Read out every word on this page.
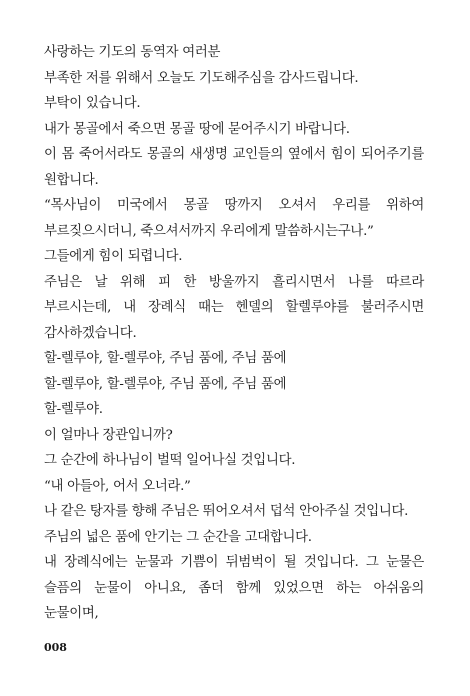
사랑하는 기도의 동역자 여러분

부족한 저를 위해서 오늘도 기도해주심을 감사드립니다.

부탁이 있습니다.

내가 몽골에서 죽으면 몽골 땅에 묻어주시기 바랍니다.

이 몸 죽어서라도 몽골의 새생명 교인들의 옆에서 힘이 되어주기를 원합니다.

“목사님이 미국에서 몽골 땅까지 오셔서 우리를 위하여 부르짖으시더니, 죽으셔서까지 우리에게 말씀하시는구나.”

그들에게 힘이 되렵니다.

주님은 날 위해 피 한 방울까지 흘리시면서 나를 따르라 부르시는데, 내 장례식 때는 헨델의 할렐루야를 불러주시면 감사하겠습니다.

할-렐루야, 할-렐루야, 주님 품에, 주님 품에

할-렐루야, 할-렐루야, 주님 품에, 주님 품에

할-렐루야.

이 얼마나 장관입니까?

그 순간에 하나님이 벌떡 일어나실 것입니다.

“내 아들아, 어서 오너라.”

나 같은 탕자를 향해 주님은 뛰어오셔서 덥석 안아주실 것입니다.

주님의 넓은 품에 안기는 그 순간을 고대합니다.

내 장례식에는 눈물과 기쁨이 뒤범벅이 될 것입니다. 그 눈물은 슬픔의 눈물이 아니요, 좀더 함께 있었으면 하는 아쉬움의 눈물이며,

008
